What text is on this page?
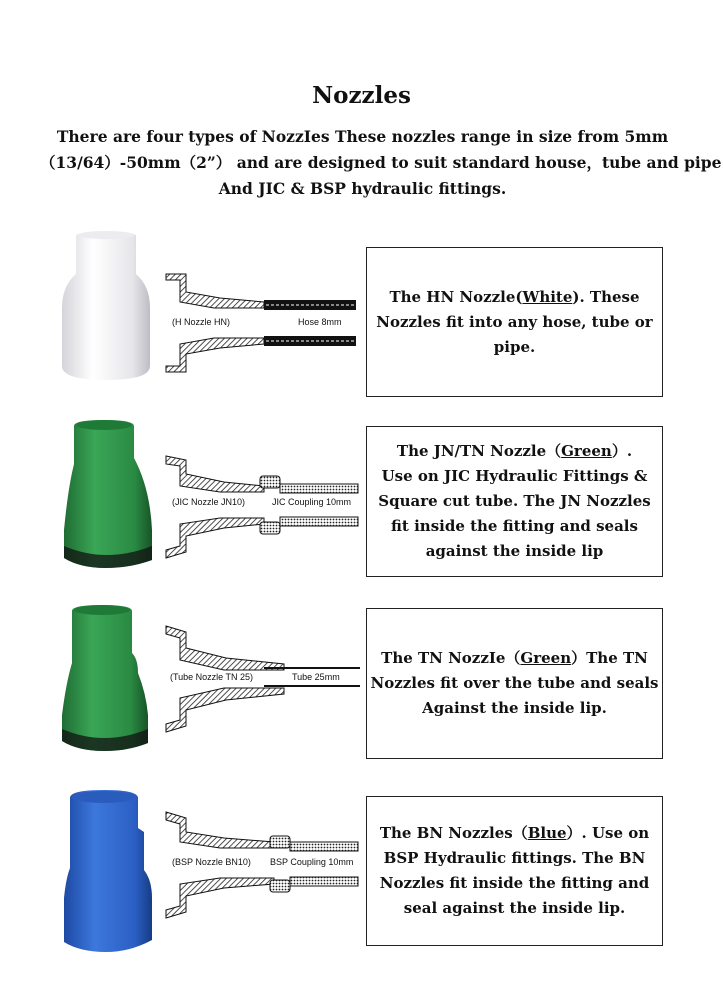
Nozzles
There are four types of NozzIes These nozzles range in size from 5mm
（13/64）-50mm（2”） and are designed to suit standard house，tube and pipe
And JIC & BSP hydraulic fittings.
(H Nozzle HN)	Hose 8mm
The HN Nozzle(White). These
Nozzles fit into any hose, tube or
pipe.
(JIC Nozzle JN10)	JIC Coupling 10mm
The JN/TN Nozzle（Green）.
Use on JIC Hydraulic Fittings &
Square cut tube. The JN Nozzles
fit inside the fitting and seals
against the inside lip
(Tube Nozzle TN 25)	Tube 25mm
The TN NozzIe（Green）The TN
Nozzles fit over the tube and seals
Against the inside lip.
(BSP Nozzle BN10) BSP Coupling 10mm
The BN Nozzles（Blue）. Use on
BSP Hydraulic fittings. The BN
Nozzles fit inside the fitting and
seal against the inside lip.
